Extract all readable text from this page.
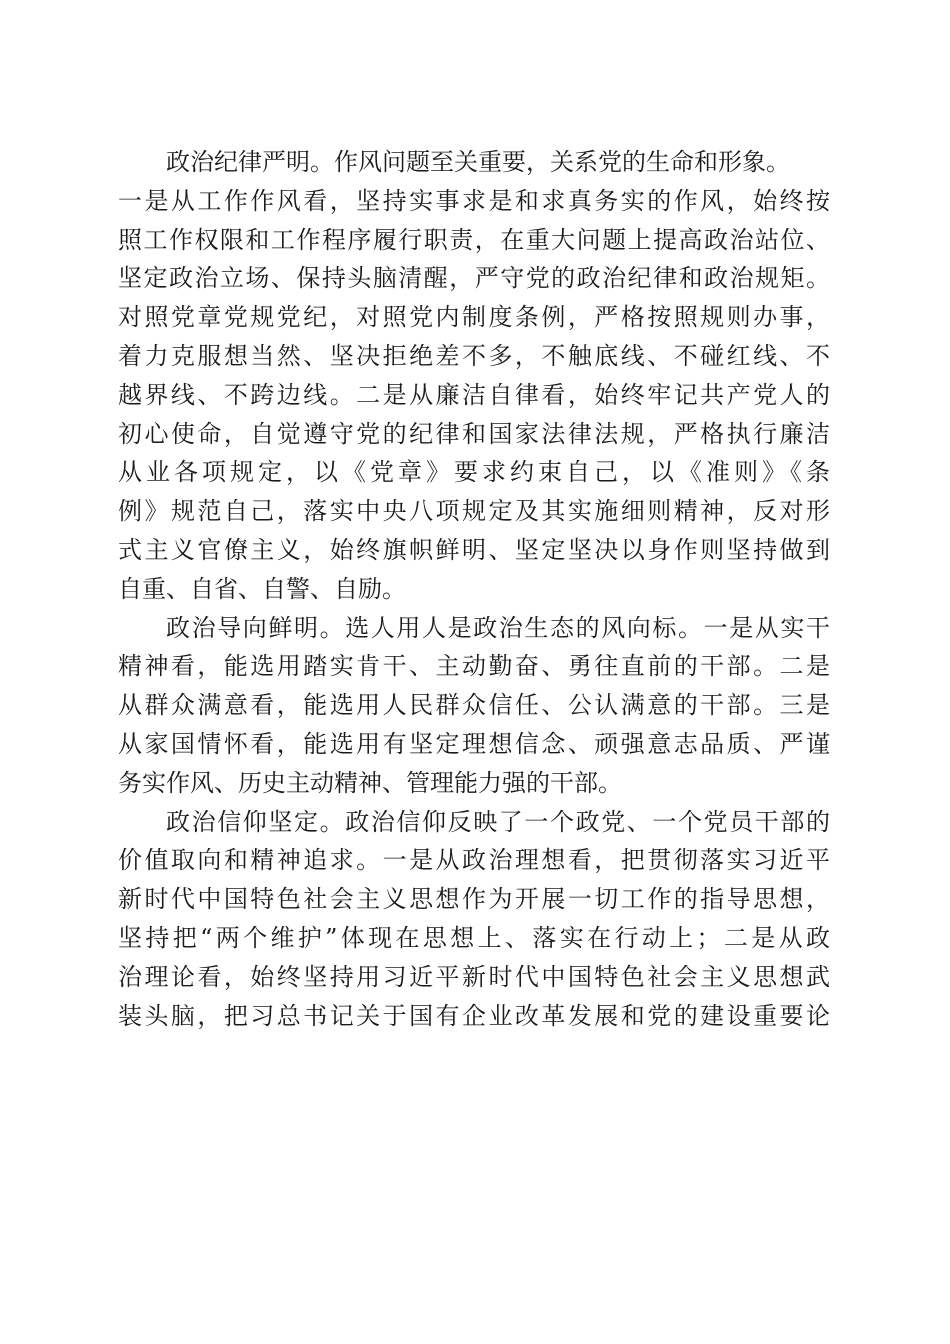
政治纪律严明。作风问题至关重要，关系党的生命和形象。
一是从工作作风看，坚持实事求是和求真务实的作风，始终按
照工作权限和工作程序履行职责，在重大问题上提高政治站位、
坚定政治立场、保持头脑清醒，严守党的政治纪律和政治规矩。
对照党章党规党纪，对照党内制度条例，严格按照规则办事，
着力克服想当然、坚决拒绝差不多，不触底线、不碰红线、不
越界线、不跨边线。二是从廉洁自律看，始终牢记共产党人的
初心使命，自觉遵守党的纪律和国家法律法规，严格执行廉洁
从业各项规定，以《党章》要求约束自己，以《准则》《条
例》规范自己，落实中央八项规定及其实施细则精神，反对形
式主义官僚主义，始终旗帜鲜明、坚定坚决以身作则坚持做到
自重、自省、自警、自励。
政治导向鲜明。选人用人是政治生态的风向标。一是从实干
精神看，能选用踏实肯干、主动勤奋、勇往直前的干部。二是
从群众满意看，能选用人民群众信任、公认满意的干部。三是
从家国情怀看，能选用有坚定理想信念、顽强意志品质、严谨
务实作风、历史主动精神、管理能力强的干部。
政治信仰坚定。政治信仰反映了一个政党、一个党员干部的
价值取向和精神追求。一是从政治理想看，把贯彻落实习近平
新时代中国特色社会主义思想作为开展一切工作的指导思想，
坚持把“两个维护”体现在思想上、落实在行动上；二是从政
治理论看，始终坚持用习近平新时代中国特色社会主义思想武
装头脑，把习总书记关于国有企业改革发展和党的建设重要论
